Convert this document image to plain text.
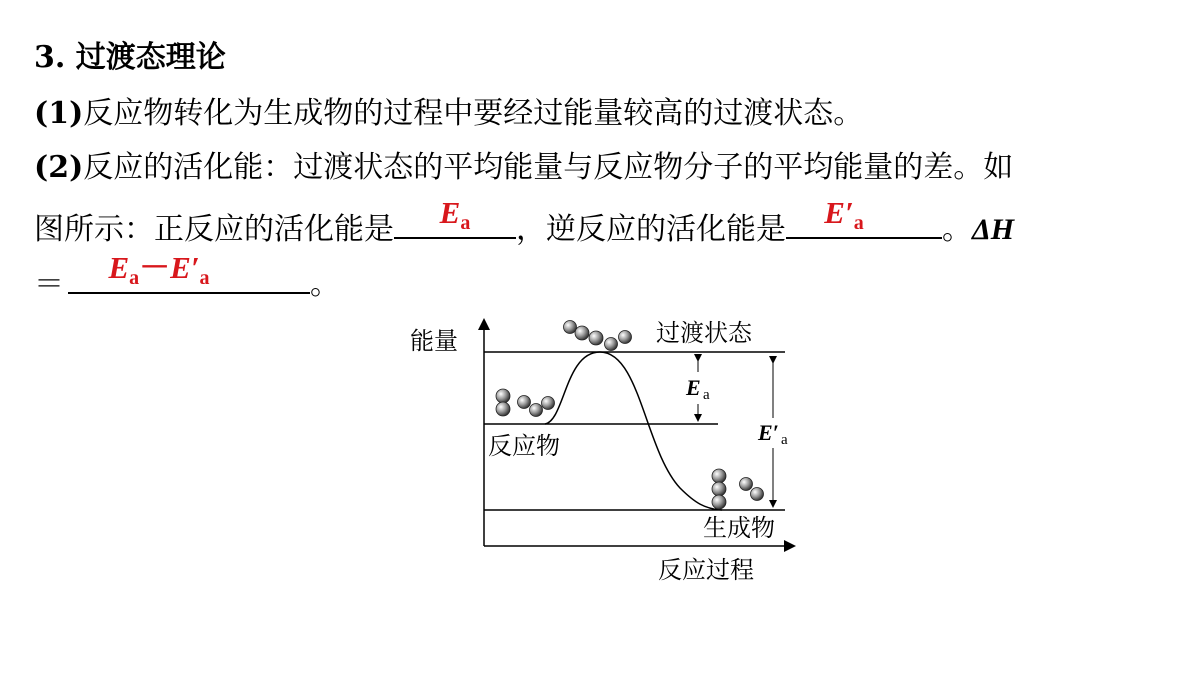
3. 过渡态理论
(1)反应物转化为生成物的过程中要经过能量较高的过渡状态。
(2)反应的活化能：过渡状态的平均能量与反应物分子的平均能量的差。如
图所示：正反应的活化能是	$E_a$	，逆反应的活化能是	$E'_a$	。ΔH
＝	$E_a-E'_a$	。
E a
E′ a
能量
反应过程
过渡状态
反应物
生成物
